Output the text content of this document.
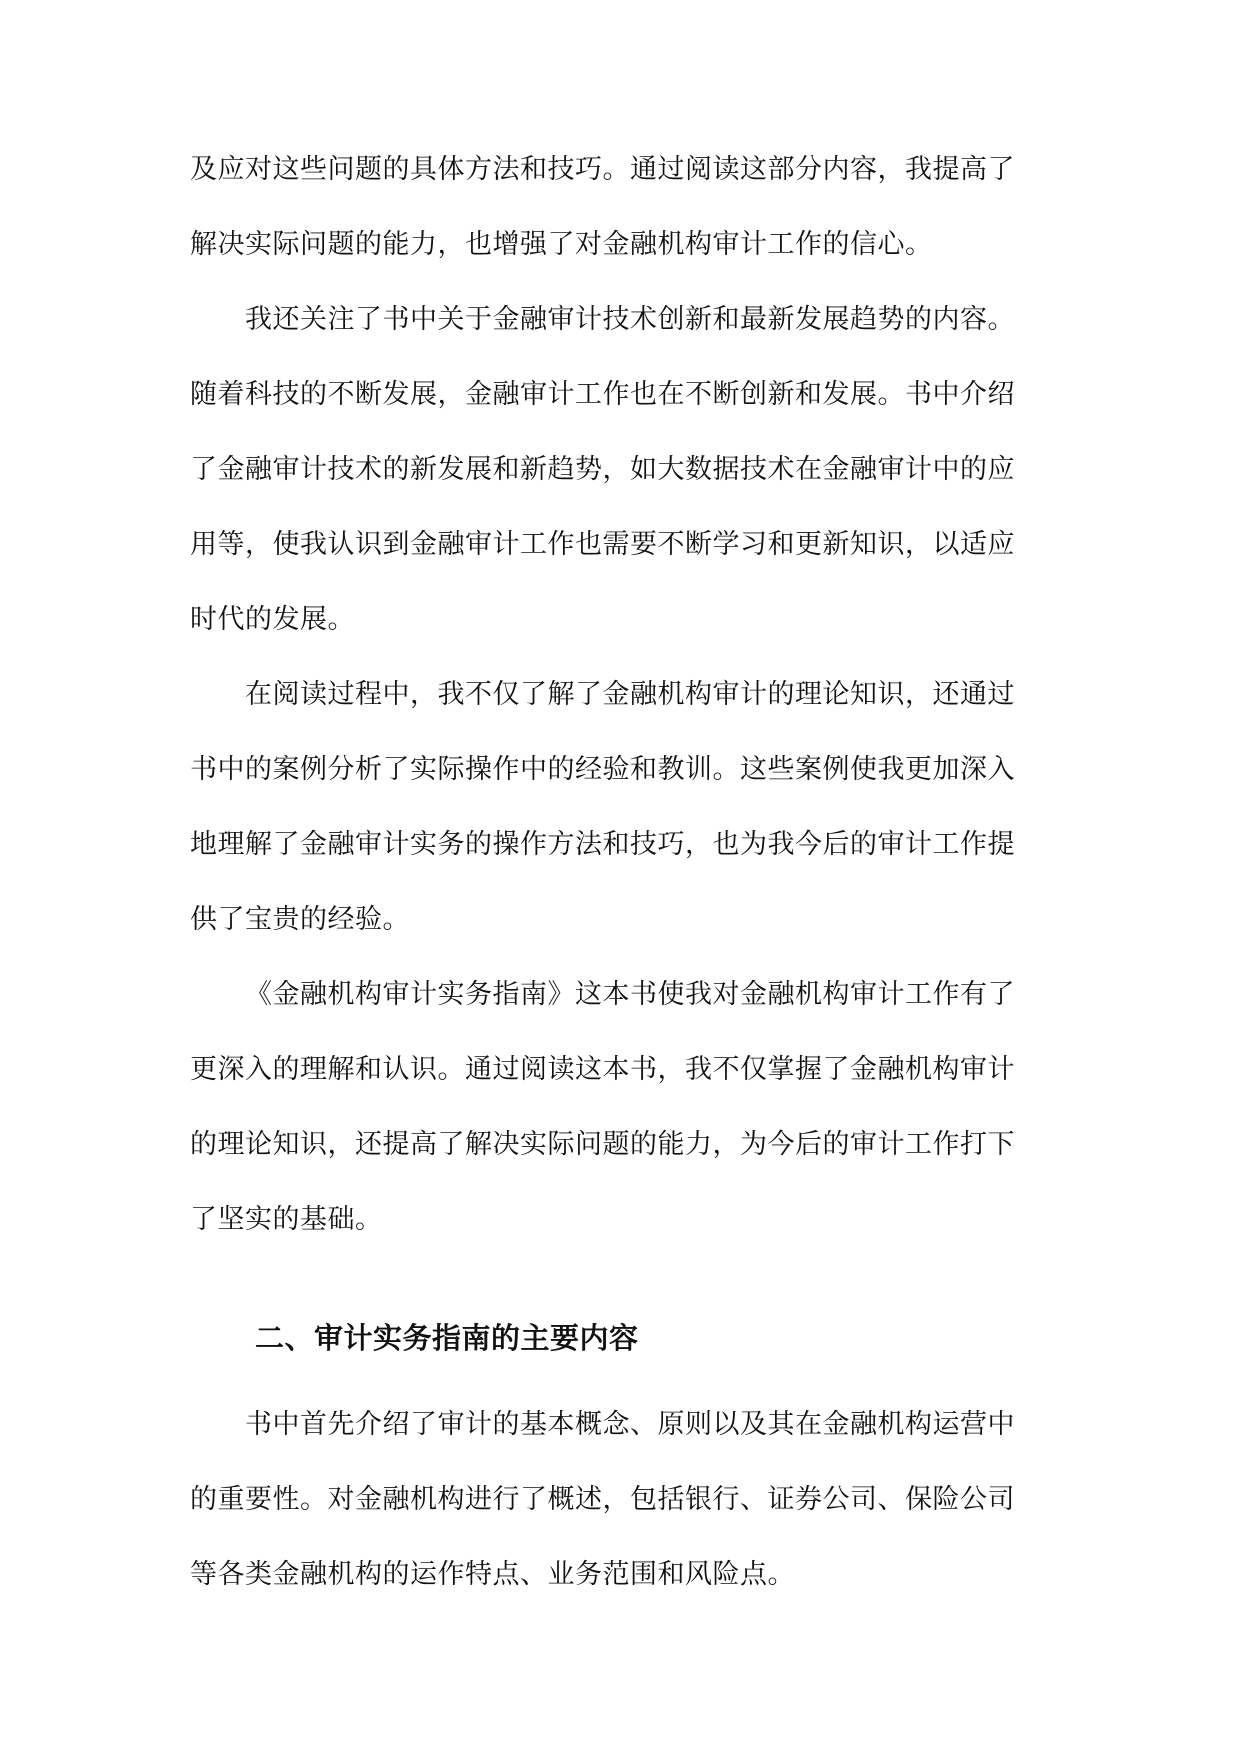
及应对这些问题的具体方法和技巧。通过阅读这部分内容，我提高了
解决实际问题的能力，也增强了对金融机构审计工作的信心。
我还关注了书中关于金融审计技术创新和最新发展趋势的内容。
随着科技的不断发展，金融审计工作也在不断创新和发展。书中介绍
了金融审计技术的新发展和新趋势，如大数据技术在金融审计中的应
用等，使我认识到金融审计工作也需要不断学习和更新知识，以适应
时代的发展。
在阅读过程中，我不仅了解了金融机构审计的理论知识，还通过
书中的案例分析了实际操作中的经验和教训。这些案例使我更加深入
地理解了金融审计实务的操作方法和技巧，也为我今后的审计工作提
供了宝贵的经验。
《金融机构审计实务指南》这本书使我对金融机构审计工作有了
更深入的理解和认识。通过阅读这本书，我不仅掌握了金融机构审计
的理论知识，还提高了解决实际问题的能力，为今后的审计工作打下
了坚实的基础。
二、审计实务指南的主要内容
书中首先介绍了审计的基本概念、原则以及其在金融机构运营中
的重要性。对金融机构进行了概述，包括银行、证券公司、保险公司
等各类金融机构的运作特点、业务范围和风险点。
